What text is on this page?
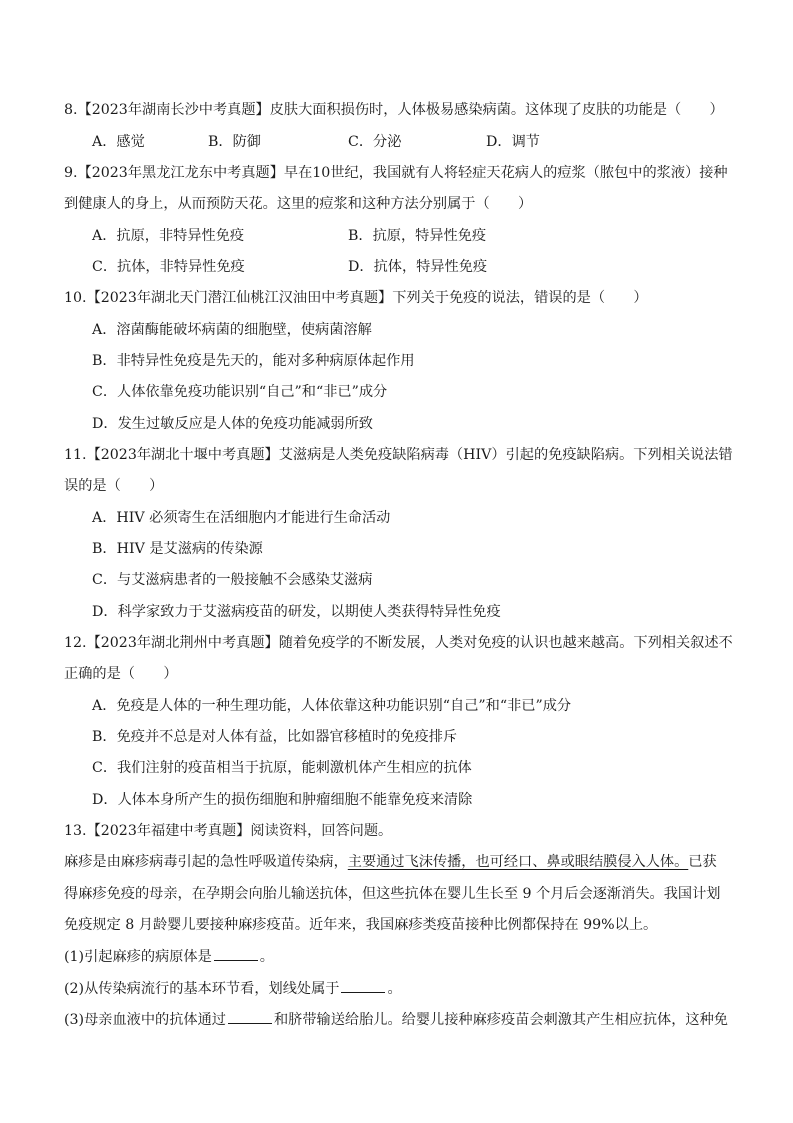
8.【2023年湖南长沙中考真题】皮肤大面积损伤时，人体极易感染病菌。这体现了皮肤的功能是（　　）
A．感觉	B．防御	C．分泌	D．调节
9.【2023年黑龙江龙东中考真题】早在10世纪，我国就有人将轻症天花病人的痘浆（脓包中的浆液）接种
到健康人的身上，从而预防天花。这里的痘浆和这种方法分别属于（　　）
A．抗原，非特异性免疫	B．抗原，特异性免疫
C．抗体，非特异性免疫	D．抗体，特异性免疫
10.【2023年湖北天门潜江仙桃江汉油田中考真题】下列关于免疫的说法，错误的是（　　）
A．溶菌酶能破坏病菌的细胞壁，使病菌溶解
B．非特异性免疫是先天的，能对多种病原体起作用
C．人体依靠免疫功能识别“自己”和“非已”成分
D．发生过敏反应是人体的免疫功能减弱所致
11.【2023年湖北十堰中考真题】艾滋病是人类免疫缺陷病毒（HIV）引起的免疫缺陷病。下列相关说法错
误的是（　　）
A．HIV 必须寄生在活细胞内才能进行生命活动
B．HIV 是艾滋病的传染源
C．与艾滋病患者的一般接触不会感染艾滋病
D．科学家致力于艾滋病疫苗的研发，以期使人类获得特异性免疫
12.【2023年湖北荆州中考真题】随着免疫学的不断发展，人类对免疫的认识也越来越高。下列相关叙述不
正确的是（　　）
A．免疫是人体的一种生理功能，人体依靠这种功能识别“自己”和“非已”成分
B．免疫并不总是对人体有益，比如器官移植时的免疫排斥
C．我们注射的疫苗相当于抗原，能刺激机体产生相应的抗体
D．人体本身所产生的损伤细胞和肿瘤细胞不能靠免疫来清除
13.【2023年福建中考真题】阅读资料，回答问题。
麻疹是由麻疹病毒引起的急性呼吸道传染病，主要通过飞沫传播，也可经口、鼻或眼结膜侵入人体。已获
得麻疹免疫的母亲，在孕期会向胎儿输送抗体，但这些抗体在婴儿生长至 9 个月后会逐渐消失。我国计划
免疫规定 8 月龄婴儿要接种麻疹疫苗。近年来，我国麻疹类疫苗接种比例都保持在 99%以上。
(1)引起麻疹的病原体是	。
(2)从传染病流行的基本环节看，划线处属于	。
(3)母亲血液中的抗体通过	和脐带输送给胎儿。给婴儿接种麻疹疫苗会刺激其产生相应抗体，这种免
